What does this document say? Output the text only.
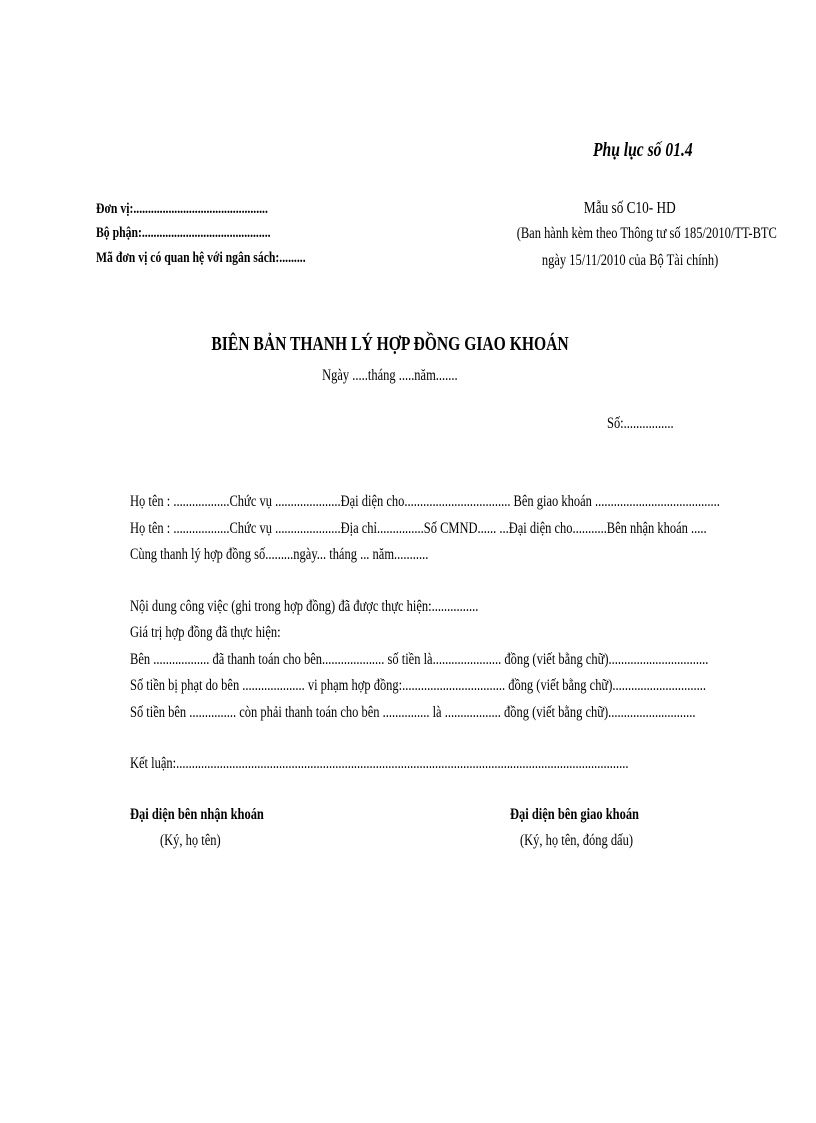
Phụ lục số 01.4
Đơn vị:..............................................
Bộ phận:............................................
Mã đơn vị có quan hệ với ngân sách:.........
Mẫu số C10- HD
(Ban hành kèm theo Thông tư số 185/2010/TT-BTC
ngày 15/11/2010 của Bộ Tài chính)
BIÊN BẢN THANH LÝ HỢP ĐỒNG GIAO KHOÁN
Ngày .....tháng .....năm.......
Số:................
Họ tên : ..................Chức vụ .....................Đại diện cho.................................. Bên giao khoán ........................................
Họ tên : ..................Chức vụ .....................Địa chỉ...............Số CMND...... ...Đại diện cho...........Bên nhận khoán .....
Cùng thanh lý hợp đồng số.........ngày... tháng ... năm...........
Nội dung công việc (ghi trong hợp đồng) đã được thực hiện:...............
Giá trị hợp đồng đã thực hiện:
Bên .................. đã thanh toán cho bên.................... số tiền là...................... đồng (viết bằng chữ)................................
Số tiền bị phạt do bên .................... vi phạm hợp đồng:................................. đồng (viết bằng chữ)..............................
Số tiền bên ............... còn phải thanh toán cho bên ............... là .................. đồng (viết bằng chữ)............................
Kết luận:.................................................................................................................................................
Đại diện bên nhận khoán
(Ký, họ tên)
Đại diện bên giao khoán
(Ký, họ tên, đóng dấu)
